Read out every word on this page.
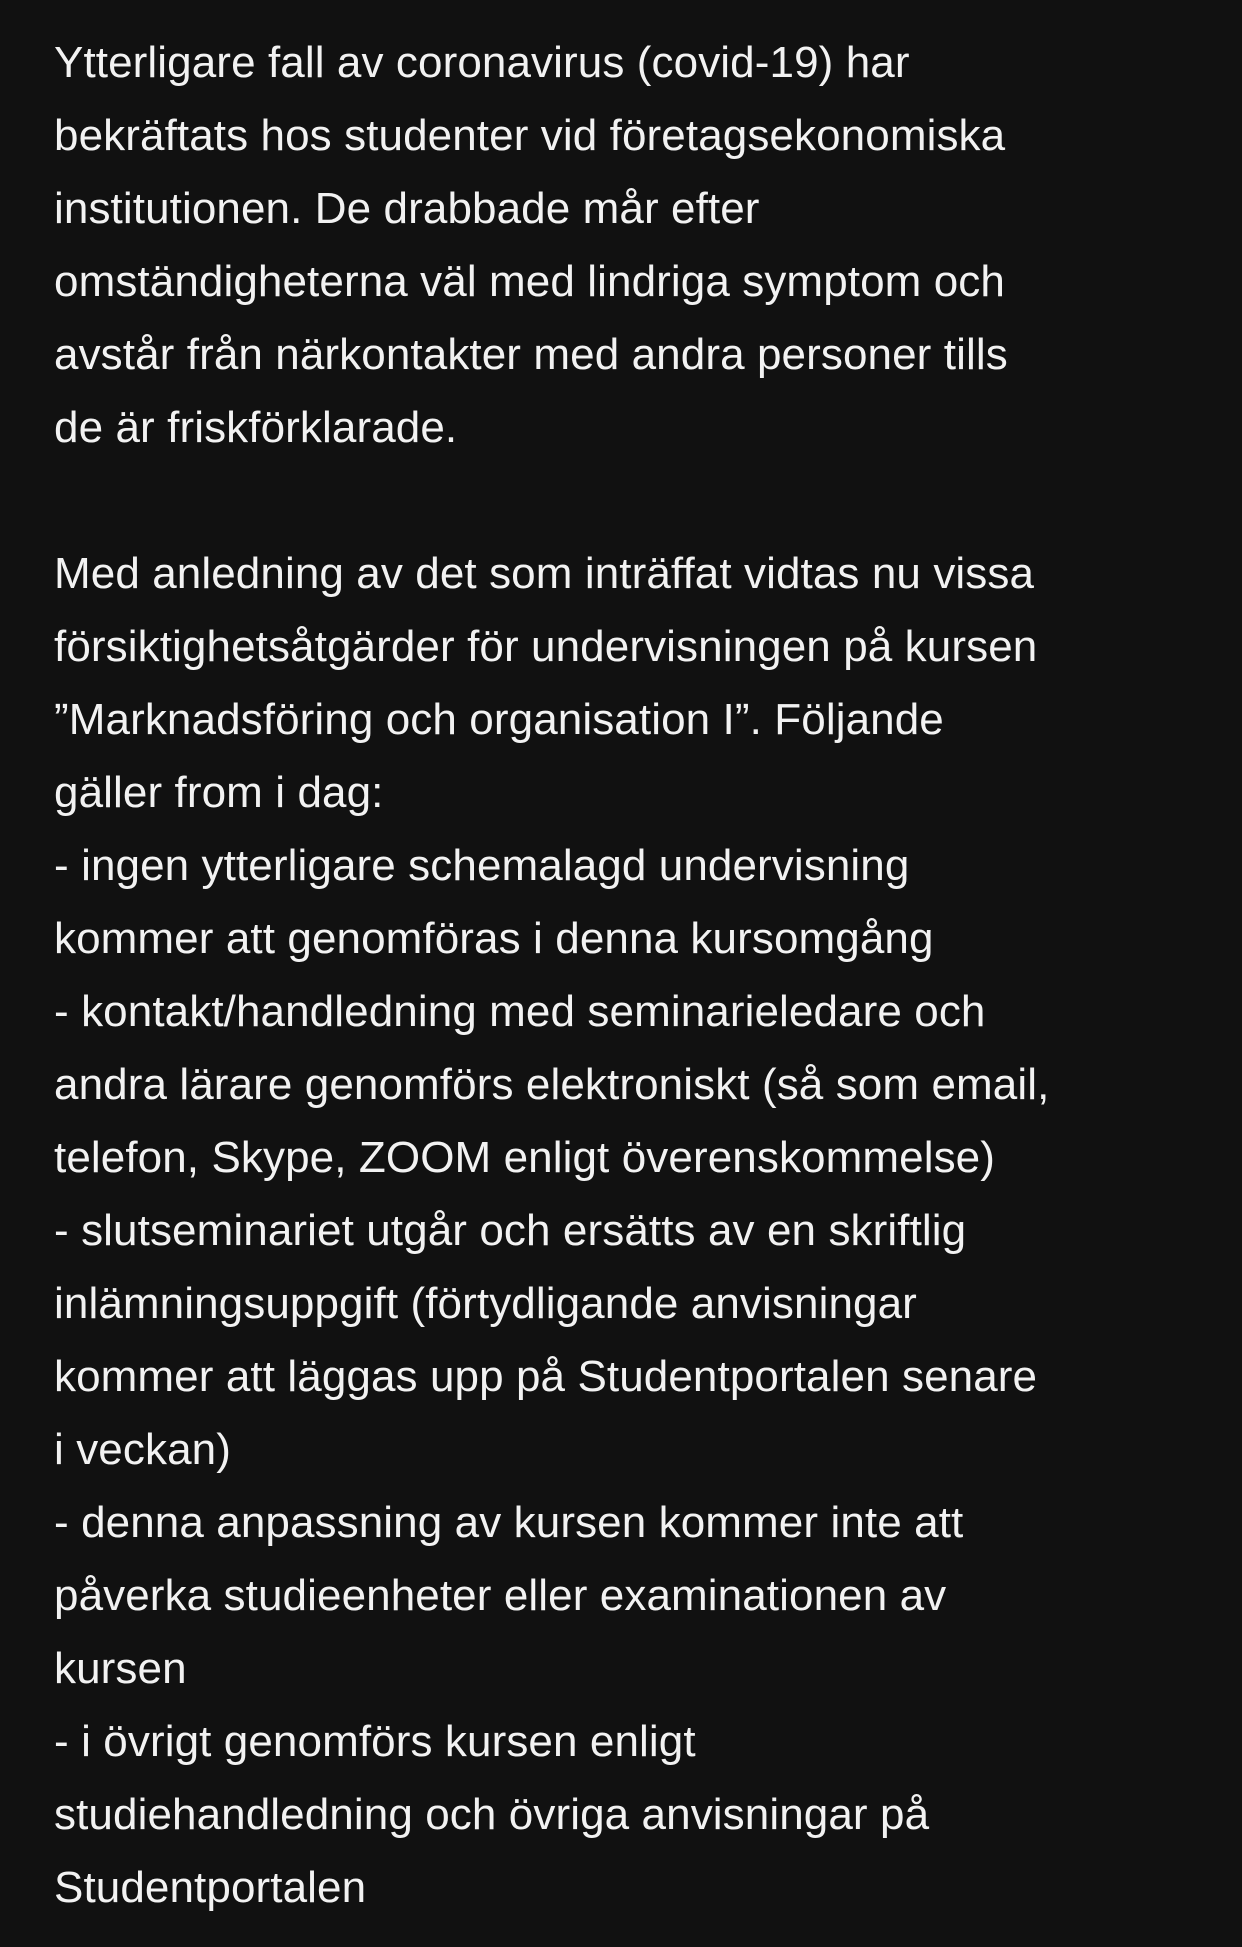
Ytterligare fall av coronavirus (covid-19) har
bekräftats hos studenter vid företagsekonomiska
institutionen. De drabbade mår efter
omständigheterna väl med lindriga symptom och
avstår från närkontakter med andra personer tills
de är friskförklarade.
Med anledning av det som inträffat vidtas nu vissa
försiktighetsåtgärder för undervisningen på kursen
”Marknadsföring och organisation I”. Följande
gäller from i dag:
- ingen ytterligare schemalagd undervisning
kommer att genomföras i denna kursomgång
- kontakt/handledning med seminarieledare och
andra lärare genomförs elektroniskt (så som email,
telefon, Skype, ZOOM enligt överenskommelse)
- slutseminariet utgår och ersätts av en skriftlig
inlämningsuppgift (förtydligande anvisningar
kommer att läggas upp på Studentportalen senare
i veckan)
- denna anpassning av kursen kommer inte att
påverka studieenheter eller examinationen av
kursen
- i övrigt genomförs kursen enligt
studiehandledning och övriga anvisningar på
Studentportalen
